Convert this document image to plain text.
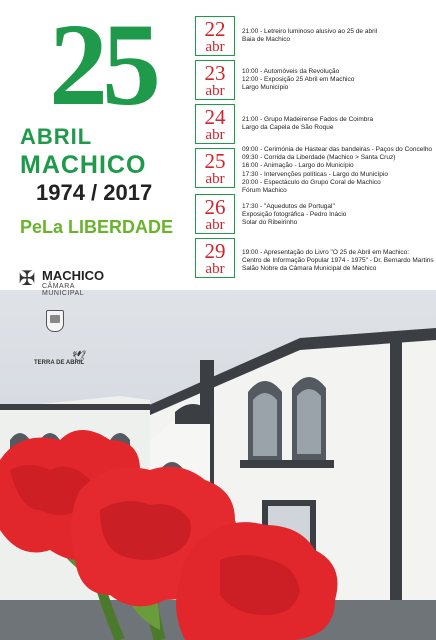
25
ABRIL
MACHICO
1974 / 2017
PeLa LIBERDADE
✠ MACHICO
CÂMARA MUNICIPAL
TERRA DE ABRIL
🕊
22
abr
21:00 - Letreiro luminoso alusivo ao 25 de abril
Baia de Machico
23
abr
10:00 - Automóveis da Revolução
12:00 - Exposição 25 Abril em Machico
Largo Município
24
abr
21:00 - Grupo Madeirense Fados de Coimbra
Largo da Capela de São Roque
25
abr
09:00 - Cerimónia de Hastear das bandeiras - Paços do Concelho
09:30 - Corrida da Liberdade (Machico > Santa Cruz)
16:00 - Animação - Largo do Município
17:30 - Intervenções políticas - Largo do Município
20:00 - Espectáculo do Grupo Coral de Machico
Fórum Machico
26
abr
17:30 - "Aquedutos de Portugal"
Exposição fotográfica - Pedro Inácio
Solar do Ribeirinho
29
abr
19:00 - Apresentação do Livro "O 25 de Abril em Machico:
Centro de Informação Popular 1974 - 1975" - Dr. Bernardo Martins
Salão Nobre da Câmara Municipal de Machico
